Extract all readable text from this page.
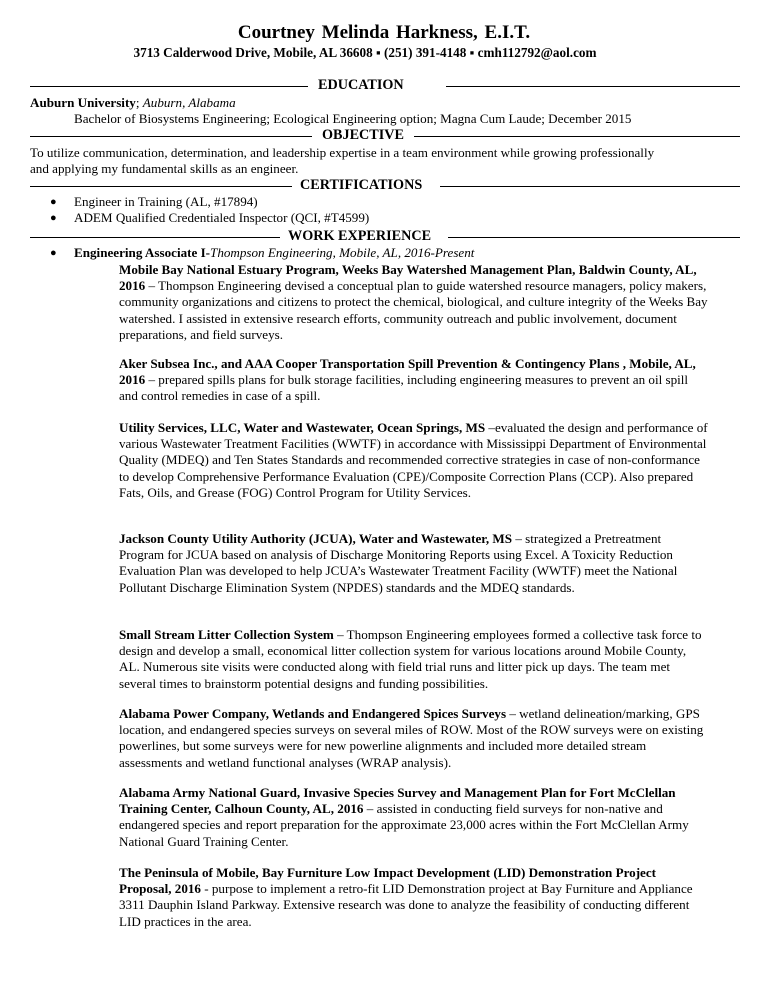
Courtney Melinda Harkness, E.I.T.
3713 Calderwood Drive, Mobile, AL 36608 ▪ (251) 391-4148 ▪ cmh112792@aol.com
EDUCATION
Auburn University; Auburn, Alabama
Bachelor of Biosystems Engineering; Ecological Engineering option; Magna Cum Laude; December 2015
OBJECTIVE
To utilize communication, determination, and leadership expertise in a team environment while growing professionally
and applying my fundamental skills as an engineer.
CERTIFICATIONS
● Engineer in Training (AL, #17894)
● ADEM Qualified Credentialed Inspector (QCI, #T4599)
WORK EXPERIENCE
● Engineering Associate I-Thompson Engineering, Mobile, AL, 2016-Present

Mobile Bay National Estuary Program, Weeks Bay Watershed Management Plan, Baldwin County, AL, 2016 – Thompson Engineering devised a conceptual plan to guide watershed resource managers, policy makers, community organizations and citizens to protect the chemical, biological, and culture integrity of the Weeks Bay watershed. I assisted in extensive research efforts, community outreach and public involvement, document preparations, and field surveys.

Aker Subsea Inc., and AAA Cooper Transportation Spill Prevention & Contingency Plans , Mobile, AL, 2016 – prepared spills plans for bulk storage facilities, including engineering measures to prevent an oil spill and control remedies in case of a spill.

Utility Services, LLC, Water and Wastewater, Ocean Springs, MS –evaluated the design and performance of various Wastewater Treatment Facilities (WWTF) in accordance with Mississippi Department of Environmental Quality (MDEQ) and Ten States Standards and recommended corrective strategies in case of non-conformance to develop Comprehensive Performance Evaluation (CPE)/Composite Correction Plans (CCP). Also prepared Fats, Oils, and Grease (FOG) Control Program for Utility Services.

Jackson County Utility Authority (JCUA), Water and Wastewater, MS – strategized a Pretreatment Program for JCUA based on analysis of Discharge Monitoring Reports using Excel. A Toxicity Reduction Evaluation Plan was developed to help JCUA’s Wastewater Treatment Facility (WWTF) meet the National Pollutant Discharge Elimination System (NPDES) standards and the MDEQ standards.

Small Stream Litter Collection System – Thompson Engineering employees formed a collective task force to design and develop a small, economical litter collection system for various locations around Mobile County, AL. Numerous site visits were conducted along with field trial runs and litter pick up days. The team met several times to brainstorm potential designs and funding possibilities.

Alabama Power Company, Wetlands and Endangered Spices Surveys – wetland delineation/marking, GPS location, and endangered species surveys on several miles of ROW. Most of the ROW surveys were on existing powerlines, but some surveys were for new powerline alignments and included more detailed stream assessments and wetland functional analyses (WRAP analysis).

Alabama Army National Guard, Invasive Species Survey and Management Plan for Fort McClellan Training Center, Calhoun County, AL, 2016 – assisted in conducting field surveys for non-native and endangered species and report preparation for the approximate 23,000 acres within the Fort McClellan Army National Guard Training Center.

The Peninsula of Mobile, Bay Furniture Low Impact Development (LID) Demonstration Project Proposal, 2016 - purpose to implement a retro-fit LID Demonstration project at Bay Furniture and Appliance 3311 Dauphin Island Parkway. Extensive research was done to analyze the feasibility of conducting different LID practices in the area.
